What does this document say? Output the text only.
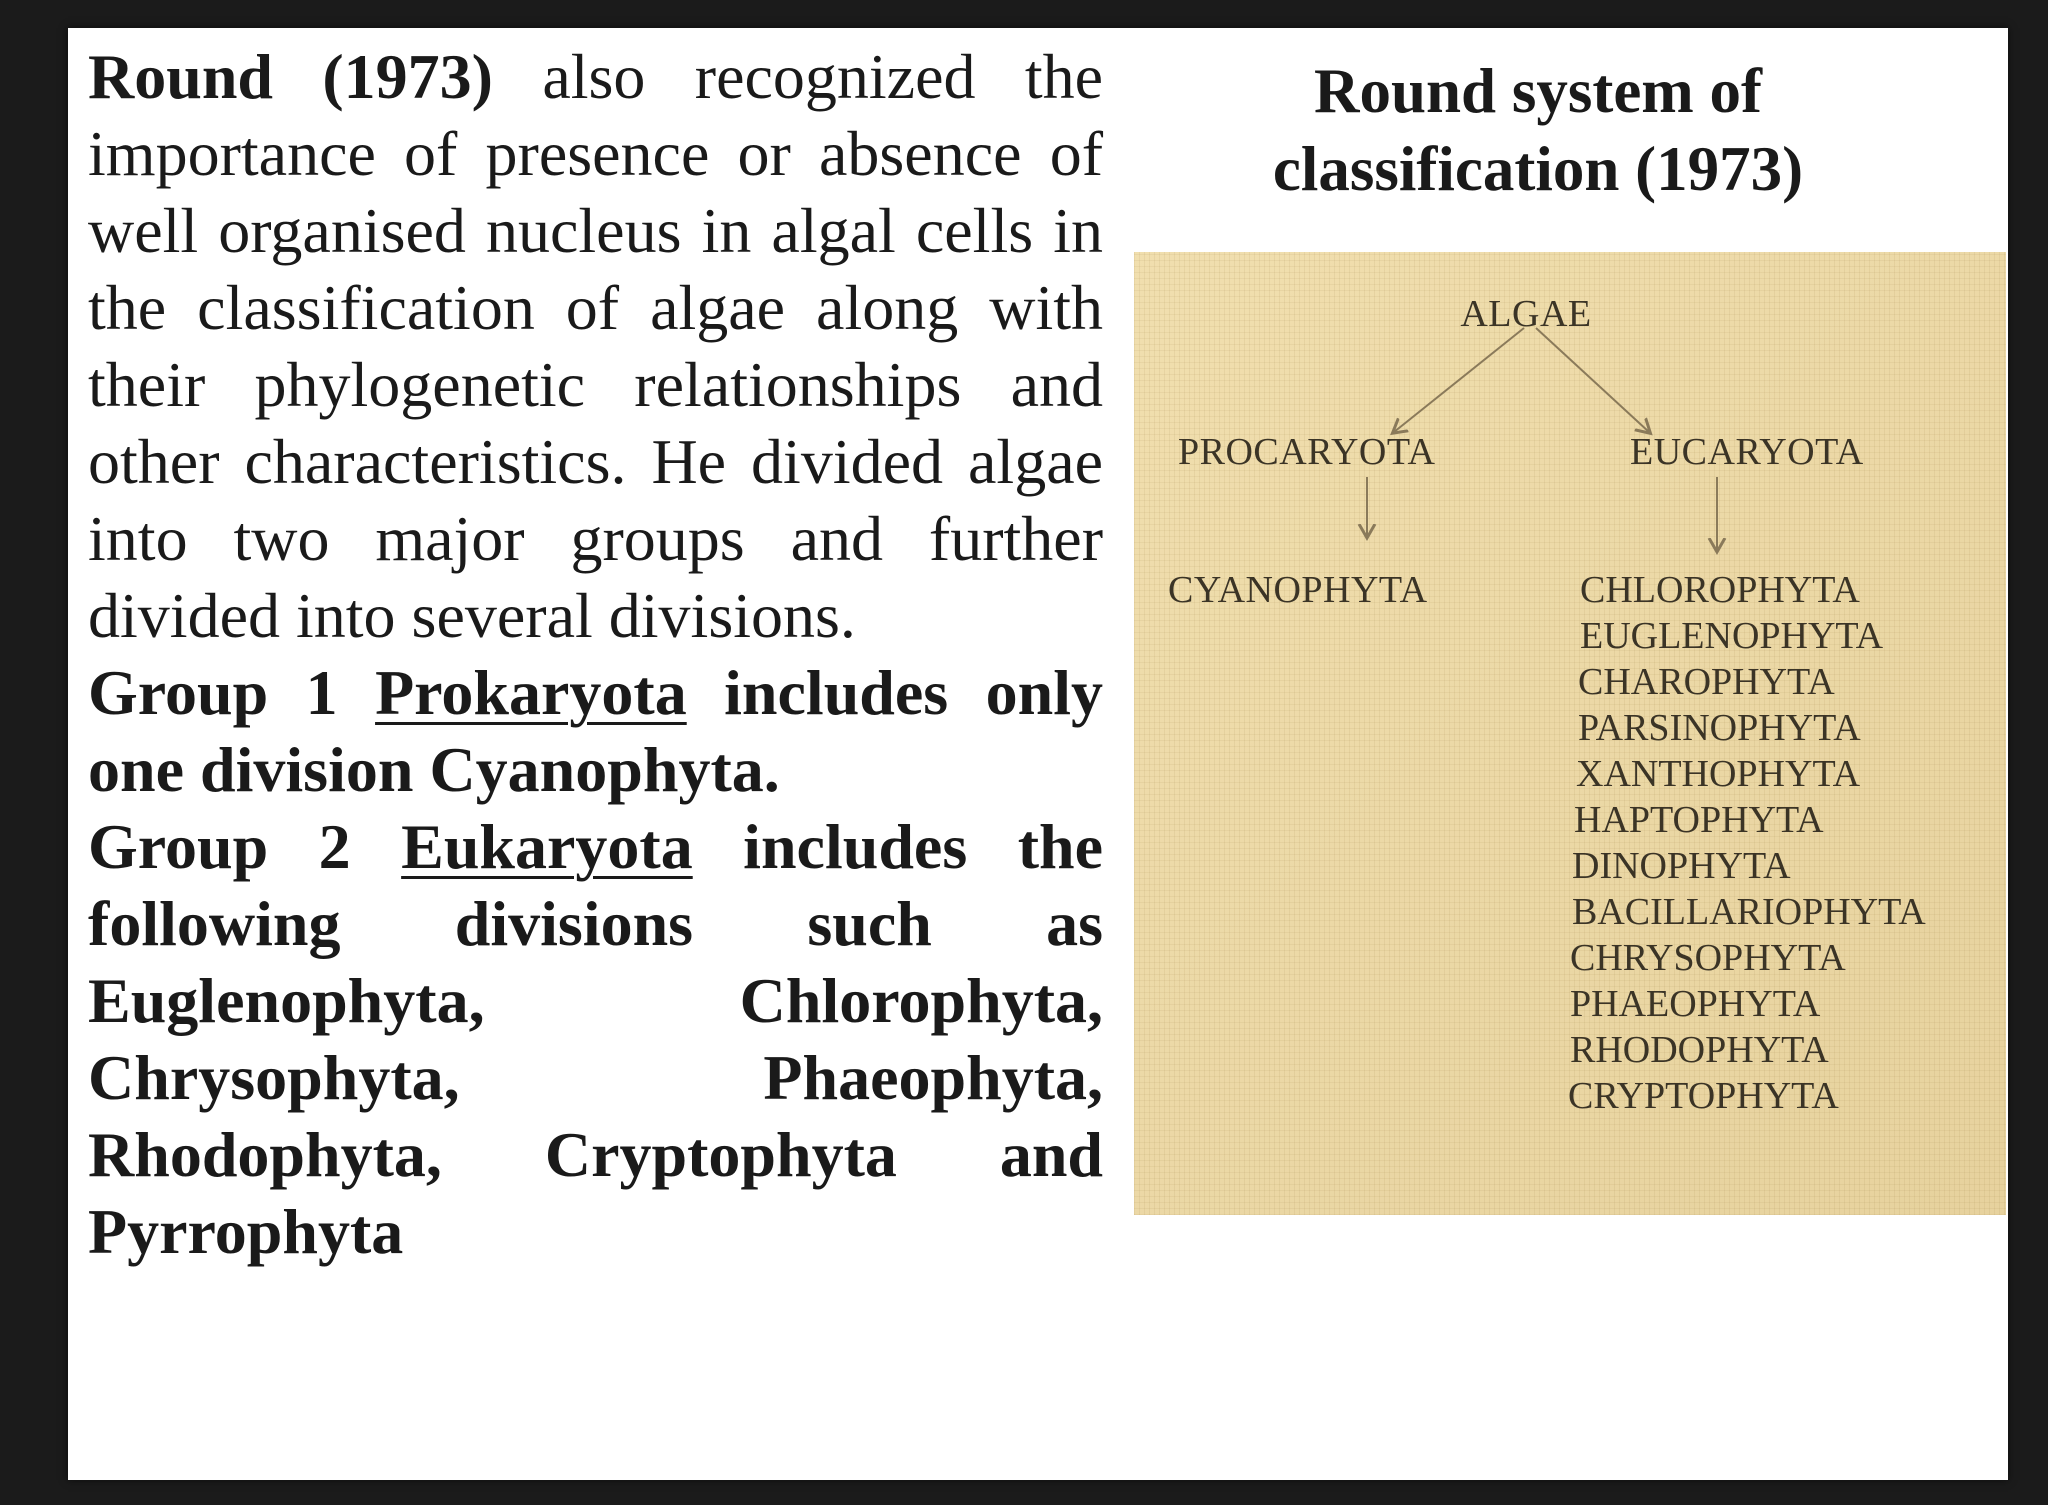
Round (1973) also recognized the importance of presence or absence of well organised nucleus in algal cells in the classification of algae along with their phylogenetic relationships and other characteristics. He divided algae into two major groups and further divided into several divisions.

Group 1 Prokaryota includes only one division Cyanophyta.

Group 2 Eukaryota includes the following divisions such as Euglenophyta, Chlorophyta, Chrysophyta, Phaeophyta, Rhodophyta, Cryptophyta and Pyrrophyta

Round system of classification (1973)
ALGAE
PROCARYOTA	EUCARYOTA
CYANOPHYTA	CHLOROPHYTA
EUGLENOPHYTA
CHAROPHYTA
PARSINOPHYTA
XANTHOPHYTA
HAPTOPHYTA
DINOPHYTA
BACILLARIOPHYTA
CHRYSOPHYTA
PHAEOPHYTA
RHODOPHYTA
CRYPTOPHYTA
